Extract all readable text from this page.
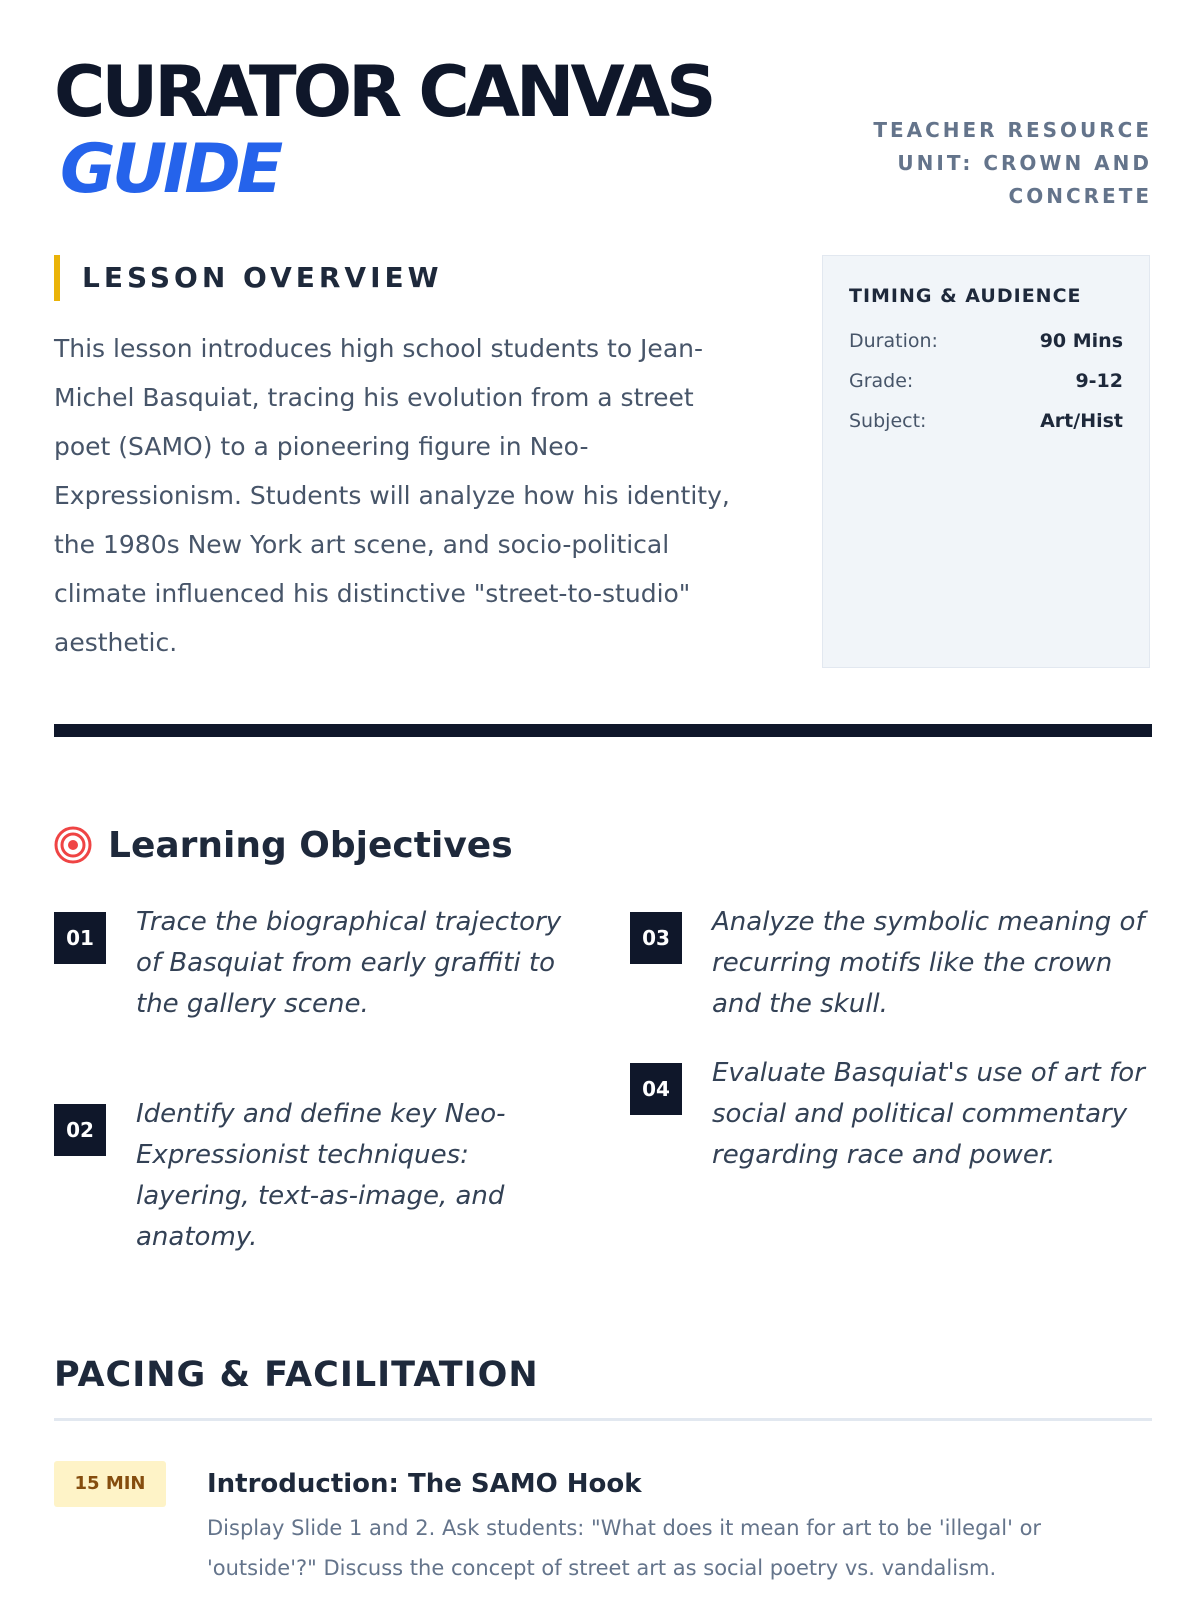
CURATOR CANVAS
GUIDE	TEACHER RESOURCE
UNIT: CROWN AND
CONCRETE
LESSON OVERVIEW
This lesson introduces high school students to Jean-Michel Basquiat, tracing his evolution from a street poet (SAMO) to a pioneering figure in Neo-Expressionism. Students will analyze how his identity, the 1980s New York art scene, and socio-political climate influenced his distinctive "street-to-studio" aesthetic.
TIMING & AUDIENCE
Duration:	90 Mins
Grade:	9-12
Subject:	Art/Hist
Learning Objectives
01
Trace the biographical trajectory of Basquiat from early graffiti to the gallery scene.
02
Identify and define key Neo-Expressionist techniques: layering, text-as-image, and anatomy.
03
Analyze the symbolic meaning of recurring motifs like the crown and the skull.
04
Evaluate Basquiat's use of art for social and political commentary regarding race and power.
PACING & FACILITATION
15 MIN	Introduction: The SAMO Hook
Display Slide 1 and 2. Ask students: "What does it mean for art to be 'illegal' or 'outside'?" Discuss the concept of street art as social poetry vs. vandalism.
